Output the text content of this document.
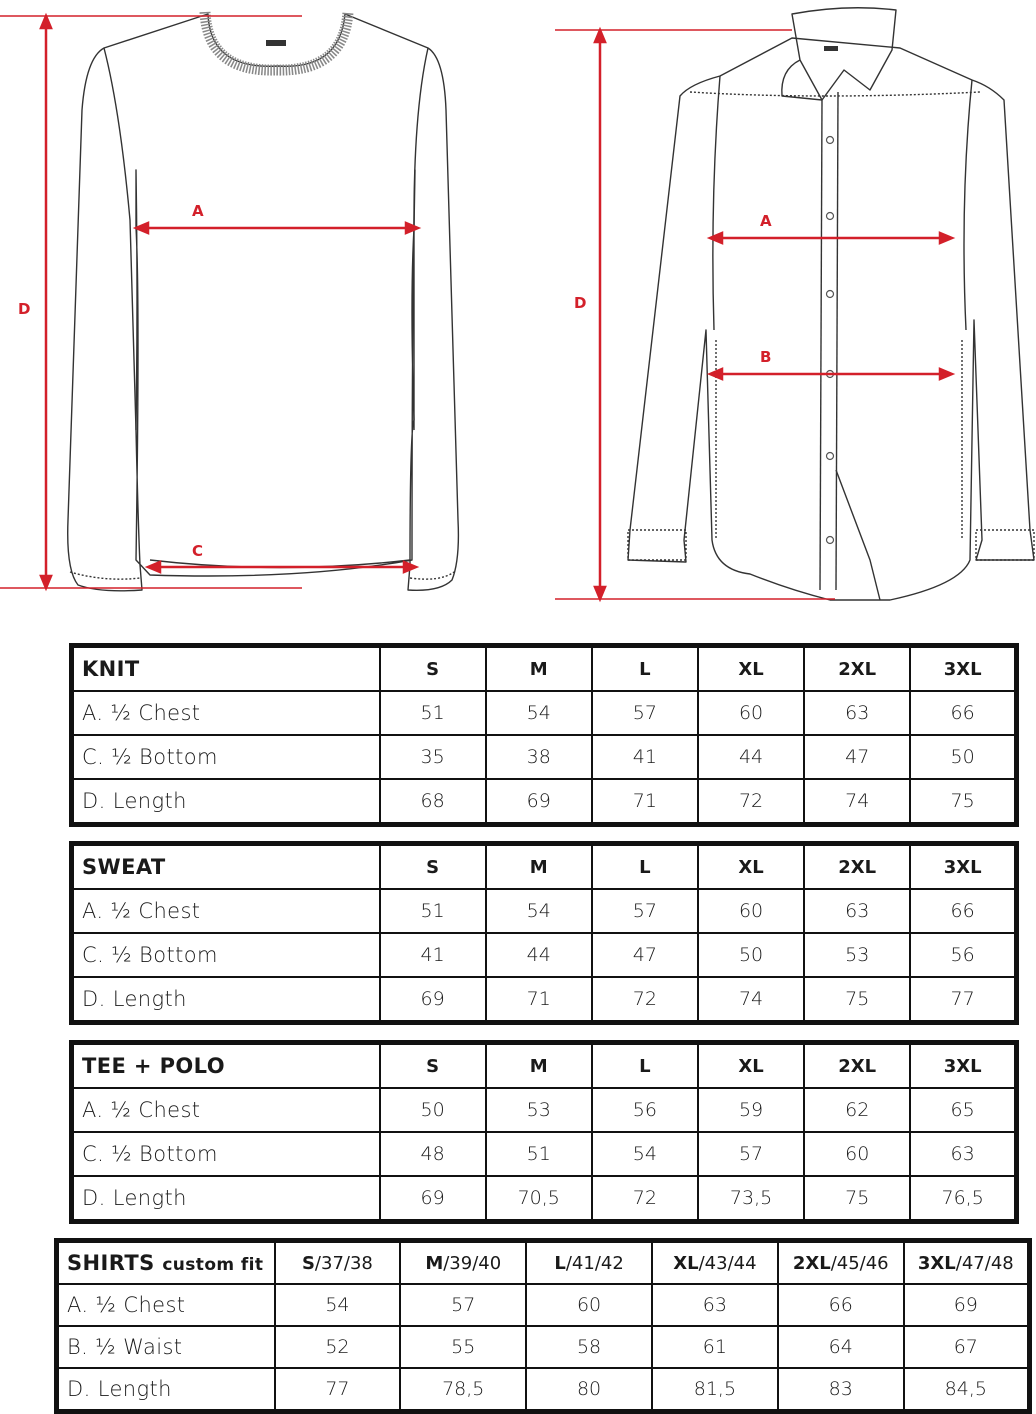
A
C
D
A
B
D
KNIT	S	M	L	XL	2XL	3XL
A. ½ Chest	51	54	57	60	63	66
C. ½ Bottom	35	38	41	44	47	50
D. Length	68	69	71	72	74	75
SWEAT	S	M	L	XL	2XL	3XL
A. ½ Chest	51	54	57	60	63	66
C. ½ Bottom	41	44	47	50	53	56
D. Length	69	71	72	74	75	77
TEE + POLO	S	M	L	XL	2XL	3XL
A. ½ Chest	50	53	56	59	62	65
C. ½ Bottom	48	51	54	57	60	63
D. Length	69	70,5	72	73,5	75	76,5
SHIRTS custom fit	S/37/38	M/39/40	L/41/42	XL/43/44	2XL/45/46	3XL/47/48
A. ½ Chest	54	57	60	63	66	69
B. ½ Waist	52	55	58	61	64	67
D. Length	77	78,5	80	81,5	83	84,5
